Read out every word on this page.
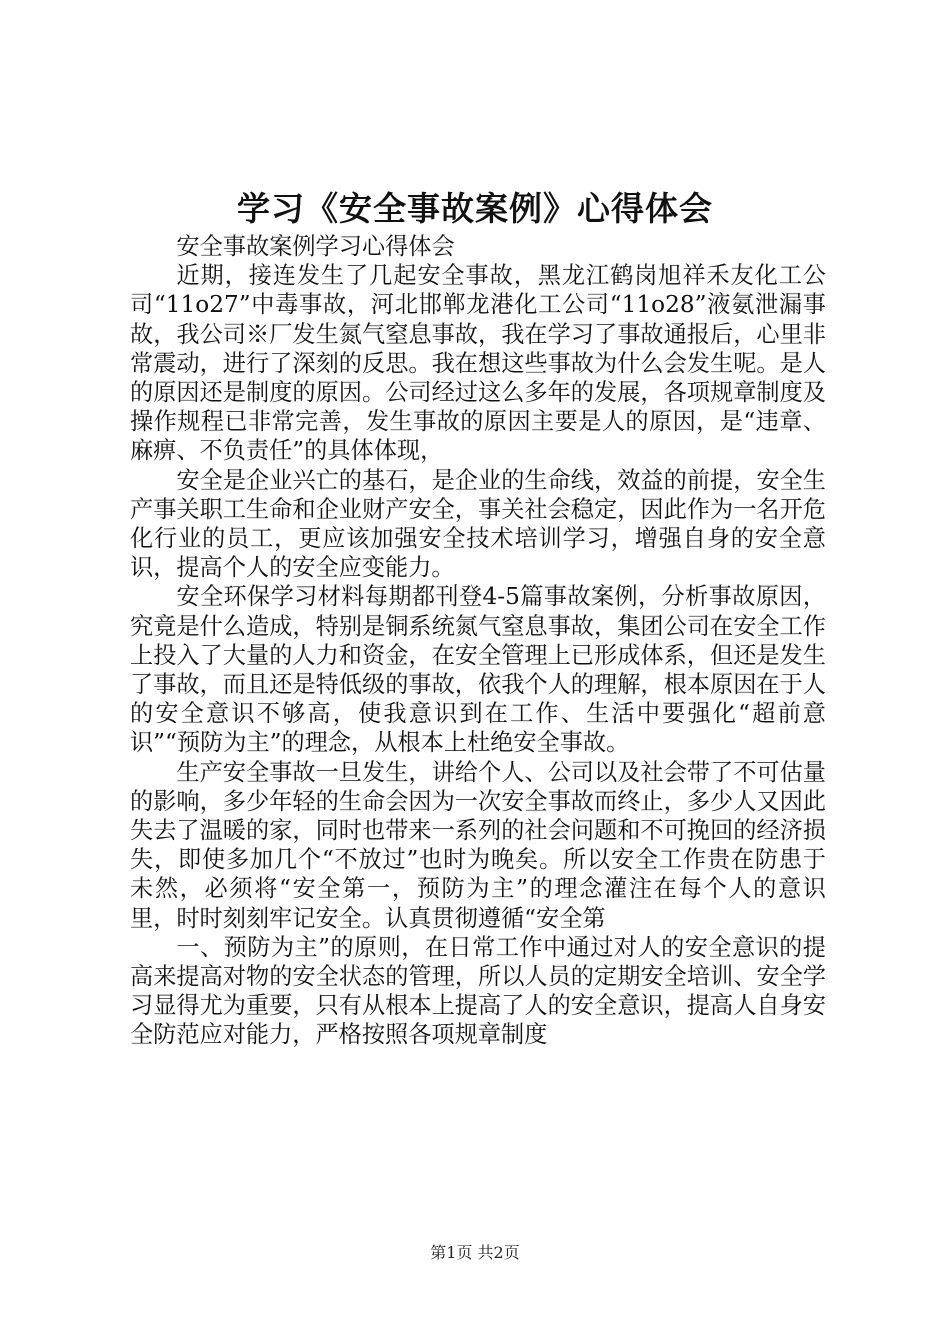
学习《安全事故案例》心得体会

安全事故案例学习心得体会

近期，接连发生了几起安全事故，黑龙江鹤岗旭祥禾友化工公司“11o27”中毒事故，河北邯郸龙港化工公司“11o28”液氨泄漏事故，我公司※厂发生氮气窒息事故，我在学习了事故通报后，心里非常震动，进行了深刻的反思。我在想这些事故为什么会发生呢。是人的原因还是制度的原因。公司经过这么多年的发展，各项规章制度及操作规程已非常完善，发生事故的原因主要是人的原因，是“违章、麻痹、不负责任”的具体体现，

安全是企业兴亡的基石，是企业的生命线，效益的前提，安全生产事关职工生命和企业财产安全，事关社会稳定，因此作为一名开危化行业的员工，更应该加强安全技术培训学习，增强自身的安全意识，提高个人的安全应变能力。

安全环保学习材料每期都刊登4-5篇事故案例，分析事故原因，究竟是什么造成，特别是铜系统氮气窒息事故，集团公司在安全工作上投入了大量的人力和资金，在安全管理上已形成体系，但还是发生了事故，而且还是特低级的事故，依我个人的理解，根本原因在于人的安全意识不够高，使我意识到在工作、生活中要强化“超前意识”“预防为主”的理念，从根本上杜绝安全事故。

生产安全事故一旦发生，讲给个人、公司以及社会带了不可估量的影响，多少年轻的生命会因为一次安全事故而终止，多少人又因此失去了温暖的家，同时也带来一系列的社会问题和不可挽回的经济损失，即使多加几个“不放过”也时为晚矣。所以安全工作贵在防患于未然，必须将“安全第一，预防为主”的理念灌注在每个人的意识里，时时刻刻牢记安全。认真贯彻遵循“安全第

一、预防为主”的原则，在日常工作中通过对人的安全意识的提高来提高对物的安全状态的管理，所以人员的定期安全培训、安全学习显得尤为重要，只有从根本上提高了人的安全意识，提高人自身安全防范应对能力，严格按照各项规章制度

第1页 共2页
